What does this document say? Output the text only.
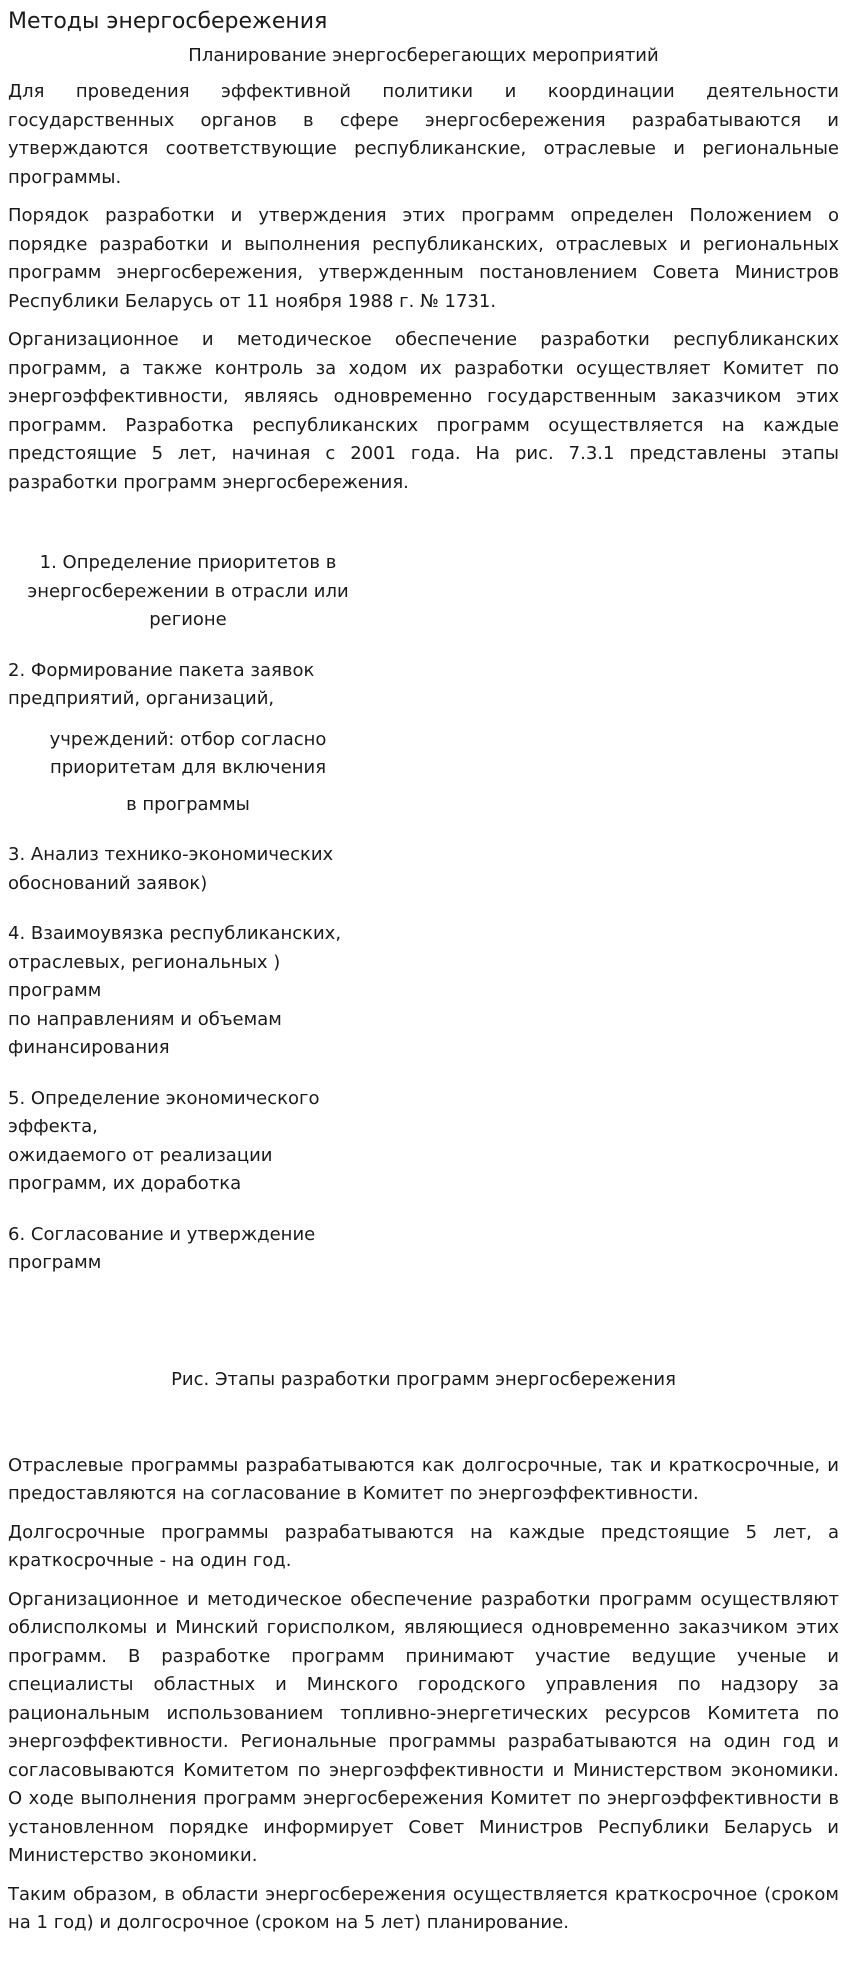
Методы энергосбережения
Планирование энергосберегающих мероприятий

Для проведения эффективной политики и координации деятельности государственных органов в сфере энергосбережения разрабатываются и утверждаются соответствующие республиканские, отраслевые и региональные программы.

Порядок разработки и утверждения этих программ определен Положением о порядке разработки и выполнения республиканских, отраслевых и региональных программ энергосбережения, утвержденным постановлением Совета Министров Республики Беларусь от 11 ноября 1988 г. № 1731.

Организационное и методическое обеспечение разработки республиканских программ, а также контроль за ходом их разработки осуществляет Комитет по энергоэффективности, являясь одновременно государственным заказчиком этих программ. Разработка республиканских программ осуществляется на каждые предстоящие 5 лет, начиная с 2001 года. На рис. 7.3.1 представлены этапы разработки программ энергосбережения.

1. Определение приоритетов в энергосбережении в отрасли или регионе
2. Формирование пакета заявок предприятий, организаций,
учреждений: отбор согласно приоритетам для включения
в программы
3. Анализ технико-экономических обоснований заявок)
4. Взаимоувязка республиканских, отраслевых, региональных )
программ
по направлениям и объемам финансирования
5. Определение экономического эффекта,
ожидаемого от реализации программ, их доработка
6. Согласование и утверждение программ
Рис. Этапы разработки программ энергосбережения

Отраслевые программы разрабатываются как долгосрочные, так и краткосрочные, и предоставляются на согласование в Комитет по энергоэффективности.

Долгосрочные программы разрабатываются на каждые предстоящие 5 лет, а краткосрочные - на один год.

Организационное и методическое обеспечение разработки программ осуществляют облисполкомы и Минский горисполком, являющиеся одновременно заказчиком этих программ. В разработке программ принимают участие ведущие ученые и специалисты областных и Минского городского управления по надзору за рациональным использованием топливно-энергетических ресурсов Комитета по энергоэффективности. Региональные программы разрабатываются на один год и согласовываются Комитетом по энергоэффективности и Министерством экономики. О ходе выполнения программ энергосбережения Комитет по энергоэффективности в установленном порядке информирует Совет Министров Республики Беларусь и Министерство экономики.

Таким образом, в области энергосбережения осуществляется краткосрочное (сроком на 1 год) и долгосрочное (сроком на 5 лет) планирование.
